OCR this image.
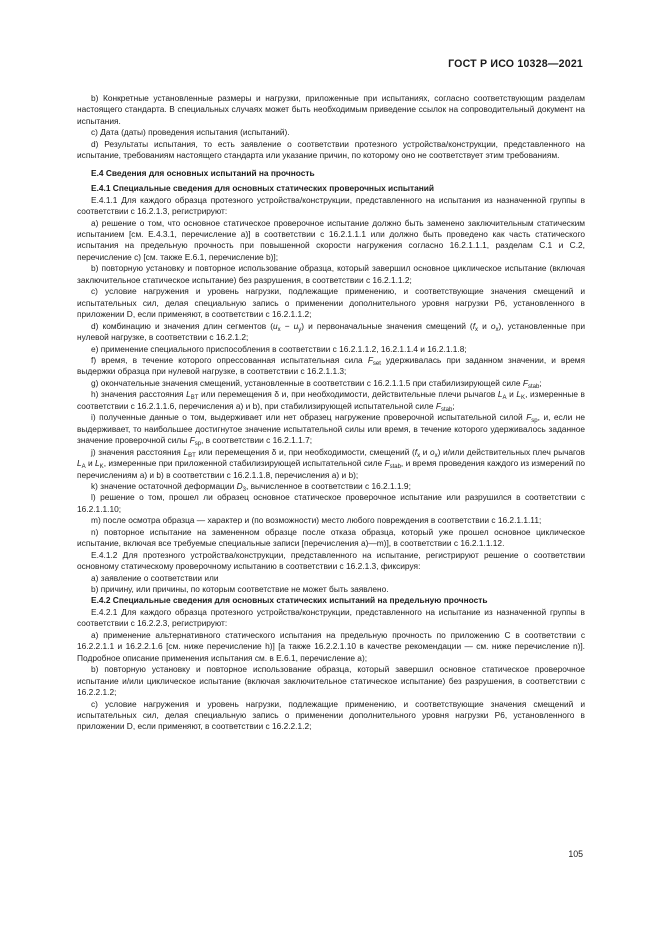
ГОСТ Р ИСО 10328—2021

b) Конкретные установленные размеры и нагрузки, приложенные при испытаниях, согласно соответствующим разделам настоящего стандарта. В специальных случаях может быть необходимым приведение ссылок на сопроводительный документ на испытания.

c) Дата (даты) проведения испытания (испытаний).

d) Результаты испытания, то есть заявление о соответствии протезного устройства/конструкции, представленного на испытание, требованиям настоящего стандарта или указание причин, по которому оно не соответствует этим требованиям.

Е.4 Сведения для основных испытаний на прочность

Е.4.1 Специальные сведения для основных статических проверочных испытаний

Е.4.1.1 Для каждого образца протезного устройства/конструкции, представленного на испытания из назначенной группы в соответствии с 16.2.1.3, регистрируют:

а) решение о том, что основное статическое проверочное испытание должно быть заменено заключительным статическим испытанием [см. Е.4.3.1, перечисление а)] в соответствии с 16.2.1.1.1 или должно быть проведено как часть статического испытания на предельную прочность при повышенной скорости нагружения согласно 16.2.1.1.1, разделам С.1 и С.2, перечисление с) [см. также Е.6.1, перечисление b)];

b) повторную установку и повторное использование образца, который завершил основное циклическое испытание (включая заключительное статическое испытание) без разрушения, в соответствии с 16.2.1.1.2;

с) условие нагружения и уровень нагрузки, подлежащие применению, и соответствующие значения смещений и испытательных сил, делая специальную запись о применении дополнительного уровня нагрузки Р6, установленного в приложении D, если применяют, в соответствии с 16.2.1.1.2;

d) комбинацию и значения длин сегментов $(u_x - u_y)$ и первоначальные значения смещений ($f_x$ и $o_x$), установленные при нулевой нагрузке, в соответствии с 16.2.1.2;

е) применение специального приспособления в соответствии с 16.2.1.1.2, 16.2.1.1.4 и 16.2.1.1.8;

f) время, в течение которого опрессованная испытательная сила $F_{set}$ удерживалась при заданном значении, и время выдержки образца при нулевой нагрузке, в соответствии с 16.2.1.1.3;

g) окончательные значения смещений, установленные в соответствии с 16.2.1.1.5 при стабилизирующей силе $F_{stab}$;

h) значения расстояния $L_{BT}$ или перемещения δ и, при необходимости, действительные плечи рычагов $L_A$ и $L_K$, измеренные в соответствии с 16.2.1.1.6, перечисления а) и b), при стабилизирующей испытательной силе $F_{stab}$;

i) полученные данные о том, выдерживает или нет образец нагружение проверочной испытательной силой $F_{sp}$, и, если не выдерживает, то наибольшее достигнутое значение испытательной силы или время, в течение которого удерживалось заданное значение проверочной силы $F_{sp}$, в соответствии с 16.2.1.1.7;

j) значения расстояния $L_{BT}$ или перемещения δ и, при необходимости, смещений ($f_x$ и $o_x$) и/или действительных плеч рычагов $L_A$ и $L_K$, измеренные при приложенной стабилизирующей испытательной силе $F_{stab}$, и время проведения каждого из измерений по перечислениям а) и b) в соответствии с 16.2.1.1.8, перечисления а) и b);

k) значение остаточной деформации $D_3$, вычисленное в соответствии с 16.2.1.1.9;

l) решение о том, прошел ли образец основное статическое проверочное испытание или разрушился в соответствии с 16.2.1.1.10;

m) после осмотра образца — характер и (по возможности) место любого повреждения в соответствии с 16.2.1.1.11;

n) повторное испытание на замененном образце после отказа образца, который уже прошел основное циклическое испытание, включая все требуемые специальные записи [перечисления а)—m)], в соответствии с 16.2.1.1.12.

Е.4.1.2 Для протезного устройства/конструкции, представленного на испытание, регистрируют решение о соответствии основному статическому проверочному испытанию в соответствии с 16.2.1.3, фиксируя:

а) заявление о соответствии или

b) причину, или причины, по которым соответствие не может быть заявлено.

Е.4.2 Специальные сведения для основных статических испытаний на предельную прочность

Е.4.2.1 Для каждого образца протезного устройства/конструкции, представленного на испытание из назначенной группы в соответствии с 16.2.2.3, регистрируют:

а) применение альтернативного статического испытания на предельную прочность по приложению С в соответствии с 16.2.2.1.1 и 16.2.2.1.6 [см. ниже перечисление h)] [а также 16.2.2.1.10 в качестве рекомендации — см. ниже перечисление n)]. Подробное описание применения испытания см. в Е.6.1, перечисление а);

b) повторную установку и повторное использование образца, который завершил основное статическое проверочное испытание и/или циклическое испытание (включая заключительное статическое испытание) без разрушения, в соответствии с 16.2.2.1.2;

с) условие нагружения и уровень нагрузки, подлежащие применению, и соответствующие значения смещений и испытательных сил, делая специальную запись о применении дополнительного уровня нагрузки Р6, установленного в приложении D, если применяют, в соответствии с 16.2.2.1.2;

105
